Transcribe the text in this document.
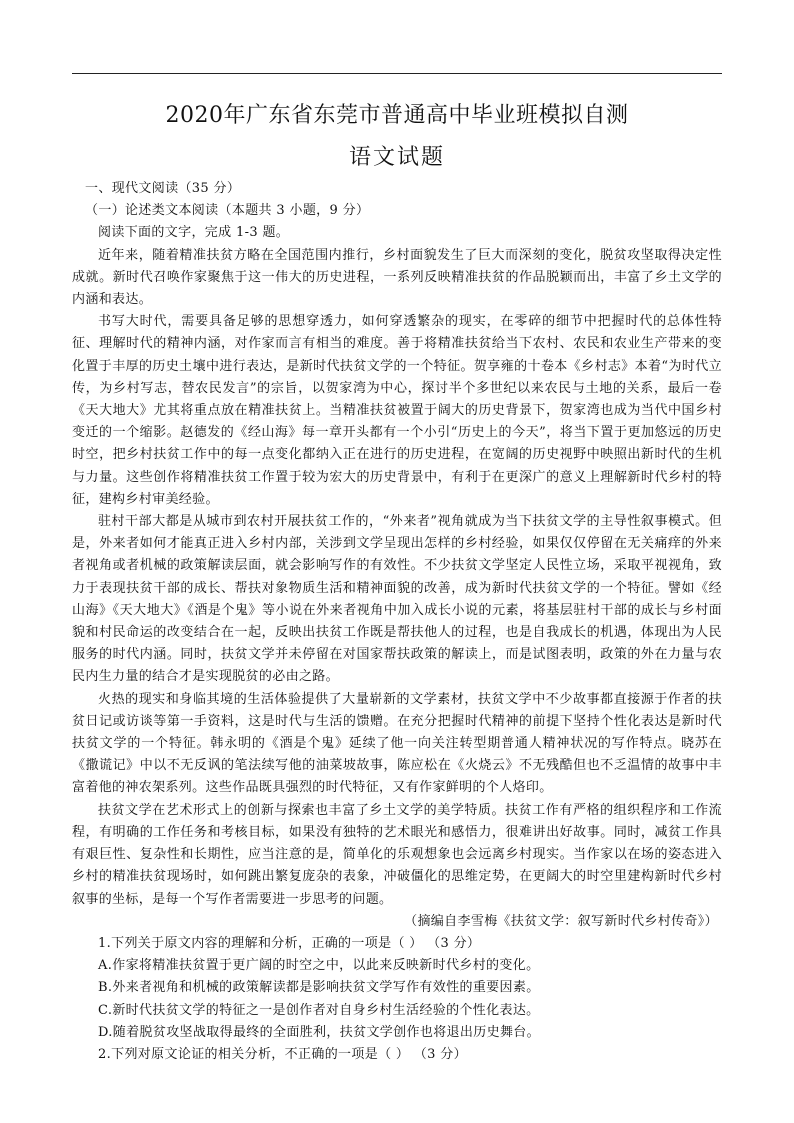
2020年广东省东莞市普通高中毕业班模拟自测
语文试题

一、现代文阅读（35 分）

（一）论述类文本阅读（本题共 3 小题，9 分）

阅读下面的文字，完成 1-3 题。

近年来，随着精准扶贫方略在全国范围内推行，乡村面貌发生了巨大而深刻的变化，脱贫攻坚取得决定性成就。新时代召唤作家聚焦于这一伟大的历史进程，一系列反映精准扶贫的作品脱颖而出，丰富了乡土文学的内涵和表达。

书写大时代，需要具备足够的思想穿透力，如何穿透繁杂的现实，在零碎的细节中把握时代的总体性特征、理解时代的精神内涵，对作家而言有相当的难度。善于将精准扶贫给当下农村、农民和农业生产带来的变化置于丰厚的历史土壤中进行表达，是新时代扶贫文学的一个特征。贺享雍的十卷本《乡村志》本着“为时代立传，为乡村写志，替农民发言”的宗旨，以贺家湾为中心，探讨半个多世纪以来农民与土地的关系，最后一卷《天大地大》尤其将重点放在精准扶贫上。当精准扶贫被置于阔大的历史背景下，贺家湾也成为当代中国乡村变迁的一个缩影。赵德发的《经山海》每一章开头都有一个小引“历史上的今天”，将当下置于更加悠远的历史时空，把乡村扶贫工作中的每一点变化都纳入正在进行的历史进程，在宽阔的历史视野中映照出新时代的生机与力量。这些创作将精准扶贫工作置于较为宏大的历史背景中，有利于在更深广的意义上理解新时代乡村的特征，建构乡村审美经验。

驻村干部大都是从城市到农村开展扶贫工作的，“外来者”视角就成为当下扶贫文学的主导性叙事模式。但是，外来者如何才能真正进入乡村内部，关涉到文学呈现出怎样的乡村经验，如果仅仅停留在无关痛痒的外来者视角或者机械的政策解读层面，就会影响写作的有效性。不少扶贫文学坚定人民性立场，采取平视视角，致力于表现扶贫干部的成长、帮扶对象物质生活和精神面貌的改善，成为新时代扶贫文学的一个特征。譬如《经山海》《天大地大》《酒是个鬼》等小说在外来者视角中加入成长小说的元素，将基层驻村干部的成长与乡村面貌和村民命运的改变结合在一起，反映出扶贫工作既是帮扶他人的过程，也是自我成长的机遇，体现出为人民服务的时代内涵。同时，扶贫文学并未停留在对国家帮扶政策的解读上，而是试图表明，政策的外在力量与农民内生力量的结合才是实现脱贫的必由之路。

火热的现实和身临其境的生活体验提供了大量崭新的文学素材，扶贫文学中不少故事都直接源于作者的扶贫日记或访谈等第一手资料，这是时代与生活的馈赠。在充分把握时代精神的前提下坚持个性化表达是新时代扶贫文学的一个特征。韩永明的《酒是个鬼》延续了他一向关注转型期普通人精神状况的写作特点。晓苏在《撒谎记》中以不无反讽的笔法续写他的油菜坡故事，陈应松在《火烧云》不无残酷但也不乏温情的故事中丰富着他的神农架系列。这些作品既具强烈的时代特征，又有作家鲜明的个人烙印。

扶贫文学在艺术形式上的创新与探索也丰富了乡土文学的美学特质。扶贫工作有严格的组织程序和工作流程，有明确的工作任务和考核目标，如果没有独特的艺术眼光和感悟力，很难讲出好故事。同时，减贫工作具有艰巨性、复杂性和长期性，应当注意的是，简单化的乐观想象也会远离乡村现实。当作家以在场的姿态进入乡村的精准扶贫现场时，如何跳出繁复庞杂的表象，冲破僵化的思维定势，在更阔大的时空里建构新时代乡村叙事的坐标，是每一个写作者需要进一步思考的问题。

（摘编自李雪梅《扶贫文学：叙写新时代乡村传奇》）

1.下列关于原文内容的理解和分析，正确的一项是（ ） （3 分）

A.作家将精准扶贫置于更广阔的时空之中，以此来反映新时代乡村的变化。

B.外来者视角和机械的政策解读都是影响扶贫文学写作有效性的重要因素。

C.新时代扶贫文学的特征之一是创作者对自身乡村生活经验的个性化表达。

D.随着脱贫攻坚战取得最终的全面胜利，扶贫文学创作也将退出历史舞台。

2.下列对原文论证的相关分析，不正确的一项是（ ） （3 分）
